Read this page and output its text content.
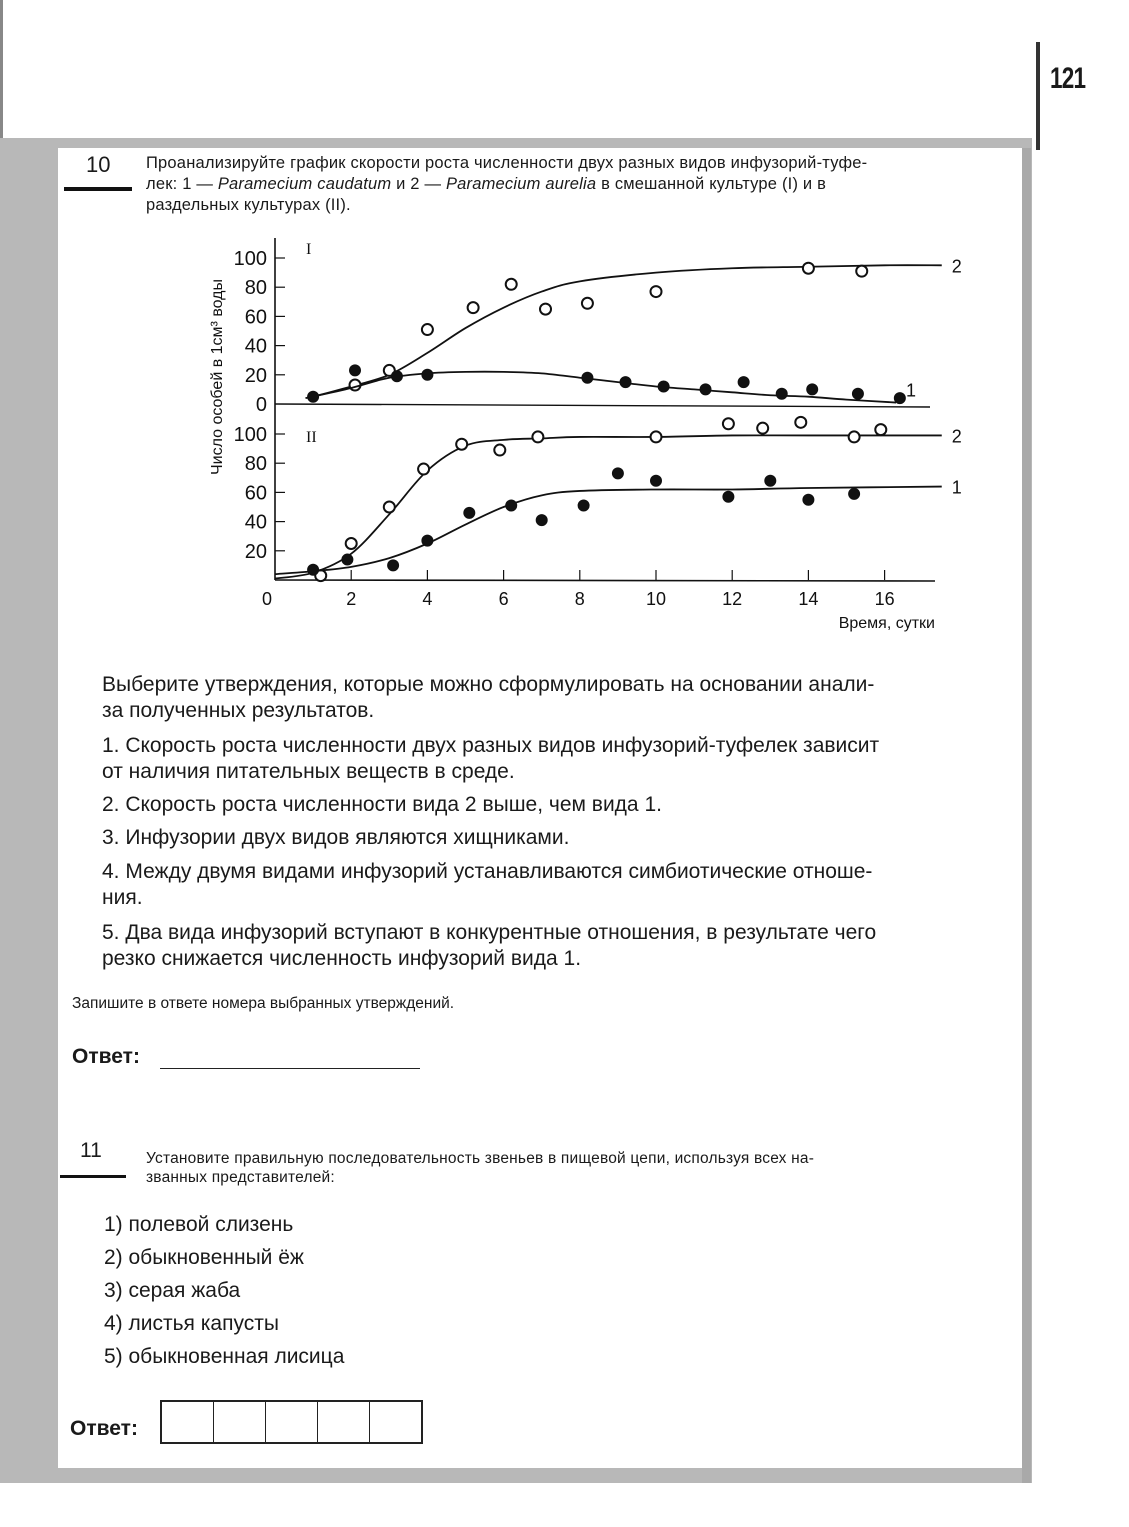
121
10 Проанализируйте график скорости роста численности двух разных видов инфузорий-туфе-
лек: 1 — Paramecium caudatum и 2 — Paramecium aurelia в смешанной культуре (I) и в
раздельных культурах (II).
0
20
20
40
40
60
60
80
80
100
100
0	2	4	6	8	10	12	14	16
Время, сутки
Число особей в 1см³ воды
I
II
2
1
2
1
Выберите утверждения, которые можно сформулировать на основании анали-
за полученных результатов.
1. Скорость роста численности двух разных видов инфузорий-туфелек зависит
от наличия питательных веществ в среде.
2. Скорость роста численности вида 2 выше, чем вида 1.
3. Инфузории двух видов являются хищниками.
4. Между двумя видами инфузорий устанавливаются симбиотические отноше-
ния.
5. Два вида инфузорий вступают в конкурентные отношения, в результате чего
резко снижается численность инфузорий вида 1.
Запишите в ответе номера выбранных утверждений.
Ответ:
11	Установите правильную последовательность звеньев в пищевой цепи, используя всех на-
званных представителей:
1) полевой слизень
2) обыкновенный ёж
3) серая жаба
4) листья капусты
5) обыкновенная лисица
Ответ:
